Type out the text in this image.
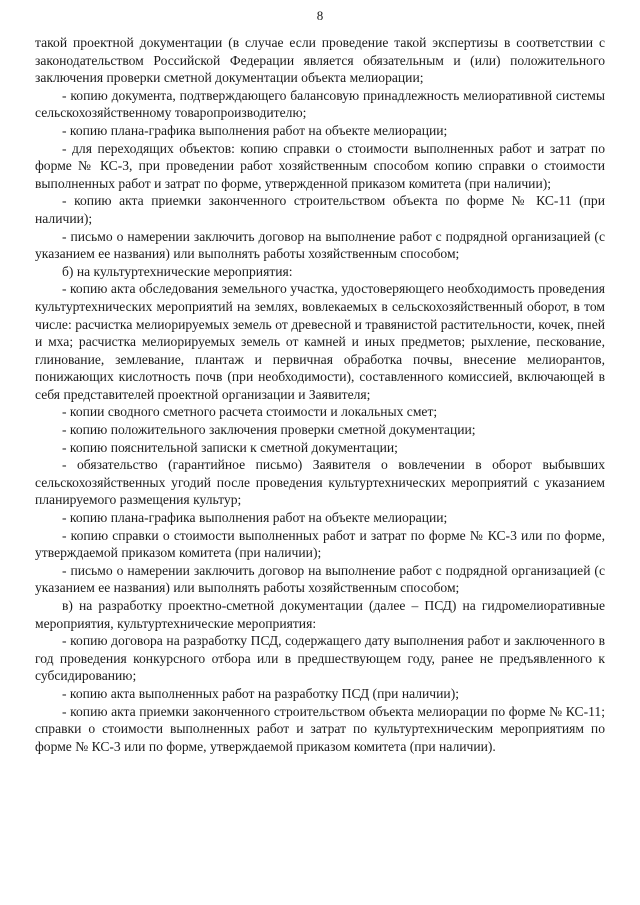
8

такой проектной документации (в случае если проведение такой экспертизы в соответствии с законодательством Российской Федерации является обязательным и (или) положительного заключения проверки сметной документации объекта мелиорации;

- копию документа, подтверждающего балансовую принадлежность мелиоративной системы сельскохозяйственному товаропроизводителю;

- копию плана-графика выполнения работ на объекте мелиорации;

- для переходящих объектов: копию справки о стоимости выполненных работ и затрат по форме № КС-3, при проведении работ хозяйственным способом копию справки о стоимости выполненных работ и затрат по форме, утвержденной приказом комитета (при наличии);

- копию акта приемки законченного строительством объекта по форме № КС-11 (при наличии);

- письмо о намерении заключить договор на выполнение работ с подрядной организацией (с указанием ее названия) или выполнять работы хозяйственным способом;

б) на культуртехнические мероприятия:

- копию акта обследования земельного участка, удостоверяющего необходимость проведения культуртехнических мероприятий на землях, вовлекаемых в сельскохозяйственный оборот, в том числе: расчистка мелиорируемых земель от древесной и травянистой растительности, кочек, пней и мха; расчистка мелиорируемых земель от камней и иных предметов; рыхление, пескование, глинование, землевание, плантаж и первичная обработка почвы, внесение мелиорантов, понижающих кислотность почв (при необходимости), составленного комиссией, включающей в себя представителей проектной организации и Заявителя;

- копии сводного сметного расчета стоимости и локальных смет;

- копию положительного заключения проверки сметной документации;

- копию пояснительной записки к сметной документации;

- обязательство (гарантийное письмо) Заявителя о вовлечении в оборот выбывших сельскохозяйственных угодий после проведения культуртехнических мероприятий с указанием планируемого размещения культур;

- копию плана-графика выполнения работ на объекте мелиорации;

- копию справки о стоимости выполненных работ и затрат по форме № КС-3 или по форме, утверждаемой приказом комитета (при наличии);

- письмо о намерении заключить договор на выполнение работ с подрядной организацией (с указанием ее названия) или выполнять работы хозяйственным способом;

в) на разработку проектно-сметной документации (далее – ПСД) на гидромелиоративные мероприятия, культуртехнические мероприятия:

- копию договора на разработку ПСД, содержащего дату выполнения работ и заключенного в год проведения конкурсного отбора или в предшествующем году, ранее не предъявленного к субсидированию;

- копию акта выполненных работ на разработку ПСД (при наличии);

- копию акта приемки законченного строительством объекта мелиорации по форме № КС-11; справки о стоимости выполненных работ и затрат по культуртехническим мероприятиям по форме № КС-3 или по форме, утверждаемой приказом комитета (при наличии).
